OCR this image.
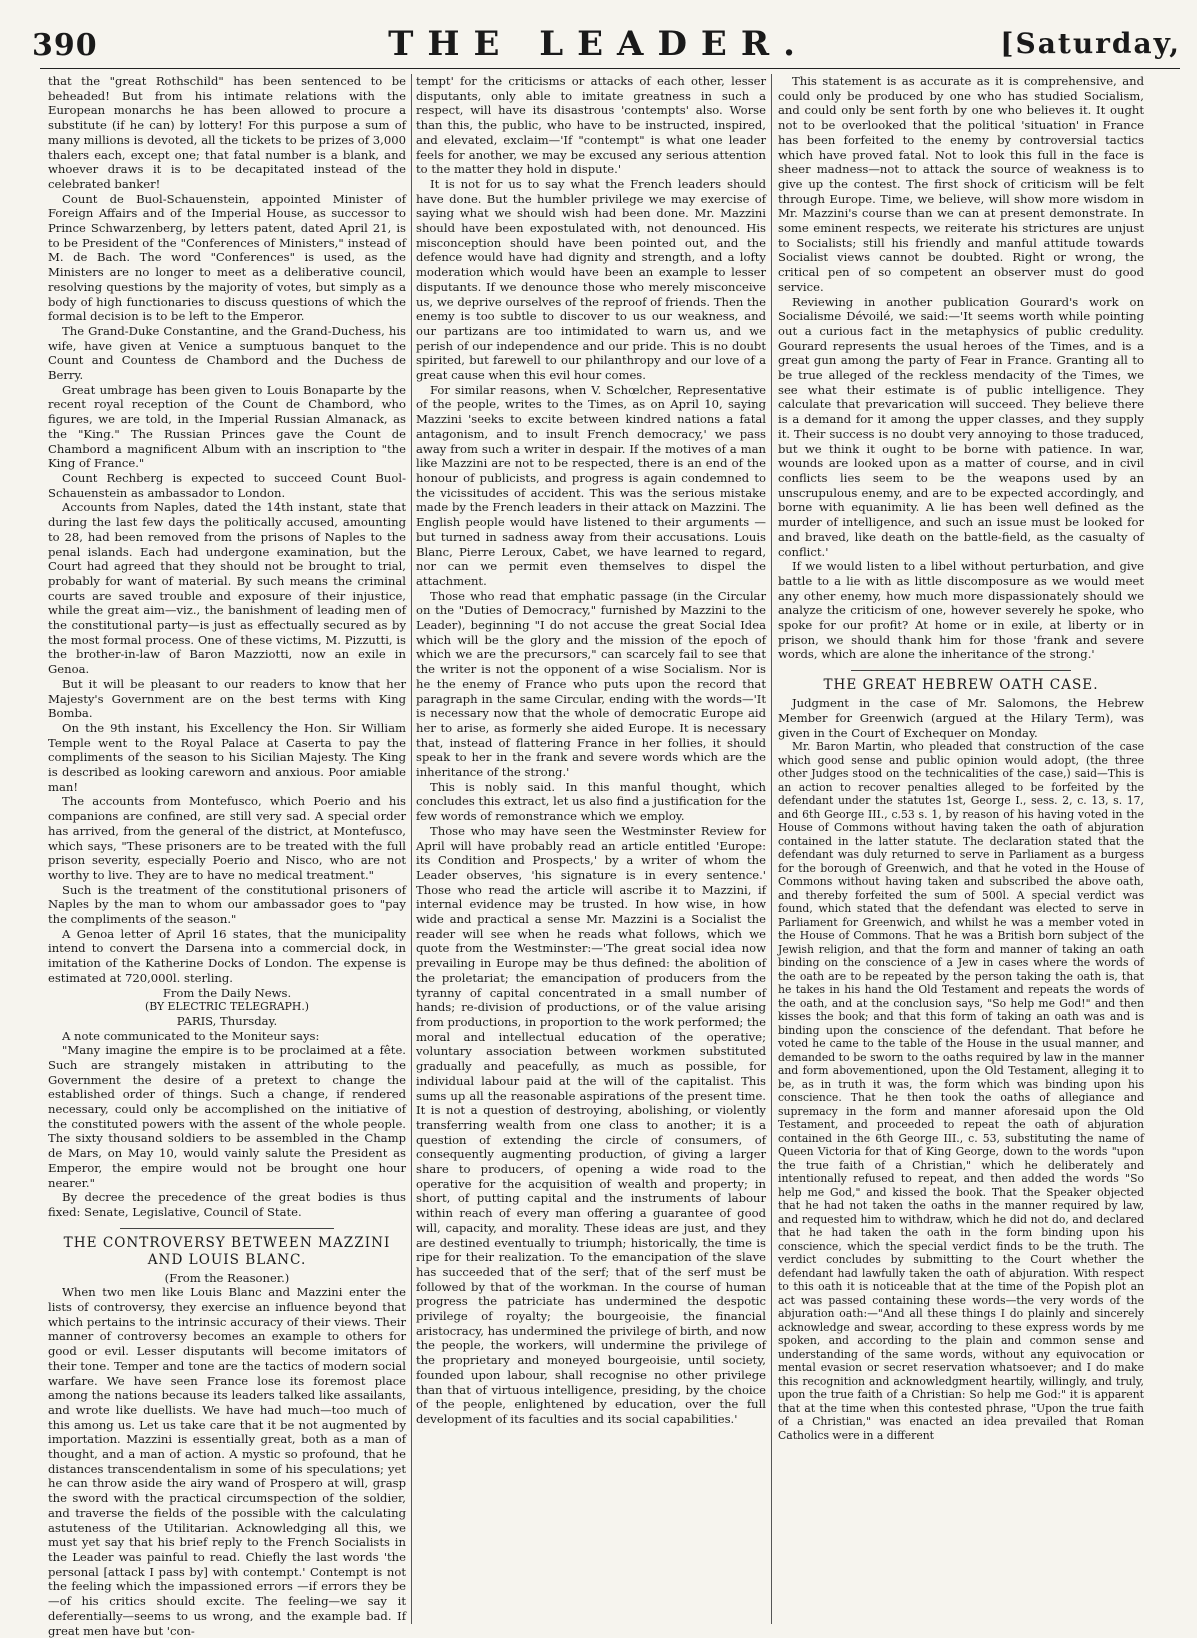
390	THE LEADER.	[Saturday,

that the "great Rothschild" has been sentenced to be beheaded! But from his intimate relations with the European monarchs he has been allowed to procure a substitute (if he can) by lottery! For this purpose a sum of many millions is devoted, all the tickets to be prizes of 3,000 thalers each, except one; that fatal number is a blank, and whoever draws it is to be decapitated instead of the celebrated banker!

Count de Buol-Schauenstein, appointed Minister of Foreign Affairs and of the Imperial House, as successor to Prince Schwarzenberg, by letters patent, dated April 21, is to be President of the "Conferences of Ministers," instead of M. de Bach. The word "Conferences" is used, as the Ministers are no longer to meet as a deliberative council, resolving questions by the majority of votes, but simply as a body of high functionaries to discuss questions of which the formal decision is to be left to the Emperor.

The Grand-Duke Constantine, and the Grand-Duchess, his wife, have given at Venice a sumptuous banquet to the Count and Countess de Chambord and the Duchess de Berry.

Great umbrage has been given to Louis Bonaparte by the recent royal reception of the Count de Chambord, who figures, we are told, in the Imperial Russian Almanack, as the "King." The Russian Princes gave the Count de Chambord a magnificent Album with an inscription to "the King of France."

Count Rechberg is expected to succeed Count Buol-Schauenstein as ambassador to London.

Accounts from Naples, dated the 14th instant, state that during the last few days the politically accused, amounting to 28, had been removed from the prisons of Naples to the penal islands. Each had undergone examination, but the Court had agreed that they should not be brought to trial, probably for want of material. By such means the criminal courts are saved trouble and exposure of their injustice, while the great aim—viz., the banishment of leading men of the constitutional party—is just as effectually secured as by the most formal process. One of these victims, M. Pizzutti, is the brother-in-law of Baron Mazziotti, now an exile in Genoa.

But it will be pleasant to our readers to know that her Majesty's Government are on the best terms with King Bomba.

On the 9th instant, his Excellency the Hon. Sir William Temple went to the Royal Palace at Caserta to pay the compliments of the season to his Sicilian Majesty. The King is described as looking careworn and anxious. Poor amiable man!

The accounts from Montefusco, which Poerio and his companions are confined, are still very sad. A special order has arrived, from the general of the district, at Montefusco, which says, "These prisoners are to be treated with the full prison severity, especially Poerio and Nisco, who are not worthy to live. They are to have no medical treatment."

Such is the treatment of the constitutional prisoners of Naples by the man to whom our ambassador goes to "pay the compliments of the season."

A Genoa letter of April 16 states, that the municipality intend to convert the Darsena into a commercial dock, in imitation of the Katherine Docks of London. The expense is estimated at 720,000l. sterling.

From the Daily News.

(BY ELECTRIC TELEGRAPH.)

PARIS, Thursday.

A note communicated to the Moniteur says:

"Many imagine the empire is to be proclaimed at a fête. Such are strangely mistaken in attributing to the Government the desire of a pretext to change the established order of things. Such a change, if rendered necessary, could only be accomplished on the initiative of the constituted powers with the assent of the whole people. The sixty thousand soldiers to be assembled in the Champ de Mars, on May 10, would vainly salute the President as Emperor, the empire would not be brought one hour nearer."

By decree the precedence of the great bodies is thus fixed: Senate, Legislative, Council of State.

THE CONTROVERSY BETWEEN MAZZINI AND LOUIS BLANC.

(From the Reasoner.)

When two men like Louis Blanc and Mazzini enter the lists of controversy, they exercise an influence beyond that which pertains to the intrinsic accuracy of their views. Their manner of controversy becomes an example to others for good or evil. Lesser disputants will become imitators of their tone. Temper and tone are the tactics of modern social warfare. We have seen France lose its foremost place among the nations because its leaders talked like assailants, and wrote like duellists. We have had much—too much of this among us. Let us take care that it be not augmented by importation. Mazzini is essentially great, both as a man of thought, and a man of action. A mystic so profound, that he distances transcendentalism in some of his speculations; yet he can throw aside the airy wand of Prospero at will, grasp the sword with the practical circumspection of the soldier, and traverse the fields of the possible with the calculating astuteness of the Utilitarian. Acknowledging all this, we must yet say that his brief reply to the French Socialists in the Leader was painful to read. Chiefly the last words 'the personal [attack I pass by] with contempt.' Contempt is not the feeling which the impassioned errors —if errors they be—of his critics should excite. The feeling—we say it deferentially—seems to us wrong, and the example bad. If great men have but 'con-

tempt' for the criticisms or attacks of each other, lesser disputants, only able to imitate greatness in such a respect, will have its disastrous 'contempts' also. Worse than this, the public, who have to be instructed, inspired, and elevated, exclaim—'If "contempt" is what one leader feels for another, we may be excused any serious attention to the matter they hold in dispute.'

It is not for us to say what the French leaders should have done. But the humbler privilege we may exercise of saying what we should wish had been done. Mr. Mazzini should have been expostulated with, not denounced. His misconception should have been pointed out, and the defence would have had dignity and strength, and a lofty moderation which would have been an example to lesser disputants. If we denounce those who merely misconceive us, we deprive ourselves of the reproof of friends. Then the enemy is too subtle to discover to us our weakness, and our partizans are too intimidated to warn us, and we perish of our independence and our pride. This is no doubt spirited, but farewell to our philanthropy and our love of a great cause when this evil hour comes.

For similar reasons, when V. Schœlcher, Representative of the people, writes to the Times, as on April 10, saying Mazzini 'seeks to excite between kindred nations a fatal antagonism, and to insult French democracy,' we pass away from such a writer in despair. If the motives of a man like Mazzini are not to be respected, there is an end of the honour of publicists, and progress is again condemned to the vicissitudes of accident. This was the serious mistake made by the French leaders in their attack on Mazzini. The English people would have listened to their arguments —but turned in sadness away from their accusations. Louis Blanc, Pierre Leroux, Cabet, we have learned to regard, nor can we permit even themselves to dispel the attachment.

Those who read that emphatic passage (in the Circular on the "Duties of Democracy," furnished by Mazzini to the Leader), beginning "I do not accuse the great Social Idea which will be the glory and the mission of the epoch of which we are the precursors," can scarcely fail to see that the writer is not the opponent of a wise Socialism. Nor is he the enemy of France who puts upon the record that paragraph in the same Circular, ending with the words—'It is necessary now that the whole of democratic Europe aid her to arise, as formerly she aided Europe. It is necessary that, instead of flattering France in her follies, it should speak to her in the frank and severe words which are the inheritance of the strong.'

This is nobly said. In this manful thought, which concludes this extract, let us also find a justification for the few words of remonstrance which we employ.

Those who may have seen the Westminster Review for April will have probably read an article entitled 'Europe: its Condition and Prospects,' by a writer of whom the Leader observes, 'his signature is in every sentence.' Those who read the article will ascribe it to Mazzini, if internal evidence may be trusted. In how wise, in how wide and practical a sense Mr. Mazzini is a Socialist the reader will see when he reads what follows, which we quote from the Westminster:—'The great social idea now prevailing in Europe may be thus defined: the abolition of the proletariat; the emancipation of producers from the tyranny of capital concentrated in a small number of hands; re-division of productions, or of the value arising from productions, in proportion to the work performed; the moral and intellectual education of the operative; voluntary association between workmen substituted gradually and peacefully, as much as possible, for individual labour paid at the will of the capitalist. This sums up all the reasonable aspirations of the present time. It is not a question of destroying, abolishing, or violently transferring wealth from one class to another; it is a question of extending the circle of consumers, of consequently augmenting production, of giving a larger share to producers, of opening a wide road to the operative for the acquisition of wealth and property; in short, of putting capital and the instruments of labour within reach of every man offering a guarantee of good will, capacity, and morality. These ideas are just, and they are destined eventually to triumph; historically, the time is ripe for their realization. To the emancipation of the slave has succeeded that of the serf; that of the serf must be followed by that of the workman. In the course of human progress the patriciate has undermined the despotic privilege of royalty; the bourgeoisie, the financial aristocracy, has undermined the privilege of birth, and now the people, the workers, will undermine the privilege of the proprietary and moneyed bourgeoisie, until society, founded upon labour, shall recognise no other privilege than that of virtuous intelligence, presiding, by the choice of the people, enlightened by education, over the full development of its faculties and its social capabilities.'

This statement is as accurate as it is comprehensive, and could only be produced by one who has studied Socialism, and could only be sent forth by one who believes it. It ought not to be overlooked that the political 'situation' in France has been forfeited to the enemy by controversial tactics which have proved fatal. Not to look this full in the face is sheer madness—not to attack the source of weakness is to give up the contest. The first shock of criticism will be felt through Europe. Time, we believe, will show more wisdom in Mr. Mazzini's course than we can at present demonstrate. In some eminent respects, we reiterate his strictures are unjust to Socialists; still his friendly and manful attitude towards Socialist views cannot be doubted. Right or wrong, the critical pen of so competent an observer must do good service.

Reviewing in another publication Gourard's work on Socialisme Dévoilé, we said:—'It seems worth while pointing out a curious fact in the metaphysics of public credulity. Gourard represents the usual heroes of the Times, and is a great gun among the party of Fear in France. Granting all to be true alleged of the reckless mendacity of the Times, we see what their estimate is of public intelligence. They calculate that prevarication will succeed. They believe there is a demand for it among the upper classes, and they supply it. Their success is no doubt very annoying to those traduced, but we think it ought to be borne with patience. In war, wounds are looked upon as a matter of course, and in civil conflicts lies seem to be the weapons used by an unscrupulous enemy, and are to be expected accordingly, and borne with equanimity. A lie has been well defined as the murder of intelligence, and such an issue must be looked for and braved, like death on the battle-field, as the casualty of conflict.'

If we would listen to a libel without perturbation, and give battle to a lie with as little discomposure as we would meet any other enemy, how much more dispassionately should we analyze the criticism of one, however severely he spoke, who spoke for our profit? At home or in exile, at liberty or in prison, we should thank him for those 'frank and severe words, which are alone the inheritance of the strong.'

THE GREAT HEBREW OATH CASE.

Judgment in the case of Mr. Salomons, the Hebrew Member for Greenwich (argued at the Hilary Term), was given in the Court of Exchequer on Monday.

Mr. Baron Martin, who pleaded that construction of the case which good sense and public opinion would adopt, (the three other Judges stood on the technicalities of the case,) said—This is an action to recover penalties alleged to be forfeited by the defendant under the statutes 1st, George I., sess. 2, c. 13, s. 17, and 6th George III., c.53 s. 1, by reason of his having voted in the House of Commons without having taken the oath of abjuration contained in the latter statute. The declaration stated that the defendant was duly returned to serve in Parliament as a burgess for the borough of Greenwich, and that he voted in the House of Commons without having taken and subscribed the above oath, and thereby forfeited the sum of 500l. A special verdict was found, which stated that the defendant was elected to serve in Parliament for Greenwich, and whilst he was a member voted in the House of Commons. That he was a British born subject of the Jewish religion, and that the form and manner of taking an oath binding on the conscience of a Jew in cases where the words of the oath are to be repeated by the person taking the oath is, that he takes in his hand the Old Testament and repeats the words of the oath, and at the conclusion says, "So help me God!" and then kisses the book; and that this form of taking an oath was and is binding upon the conscience of the defendant. That before he voted he came to the table of the House in the usual manner, and demanded to be sworn to the oaths required by law in the manner and form abovementioned, upon the Old Testament, alleging it to be, as in truth it was, the form which was binding upon his conscience. That he then took the oaths of allegiance and supremacy in the form and manner aforesaid upon the Old Testament, and proceeded to repeat the oath of abjuration contained in the 6th George III., c. 53, substituting the name of Queen Victoria for that of King George, down to the words "upon the true faith of a Christian," which he deliberately and intentionally refused to repeat, and then added the words "So help me God," and kissed the book. That the Speaker objected that he had not taken the oaths in the manner required by law, and requested him to withdraw, which he did not do, and declared that he had taken the oath in the form binding upon his conscience, which the special verdict finds to be the truth. The verdict concludes by submitting to the Court whether the defendant had lawfully taken the oath of abjuration. With respect to this oath it is noticeable that at the time of the Popish plot an act was passed containing these words—the very words of the abjuration oath:—"And all these things I do plainly and sincerely acknowledge and swear, according to these express words by me spoken, and according to the plain and common sense and understanding of the same words, without any equivocation or mental evasion or secret reservation whatsoever; and I do make this recognition and acknowledgment heartily, willingly, and truly, upon the true faith of a Christian: So help me God:" it is apparent that at the time when this contested phrase, "Upon the true faith of a Christian," was enacted an idea prevailed that Roman Catholics were in a different
